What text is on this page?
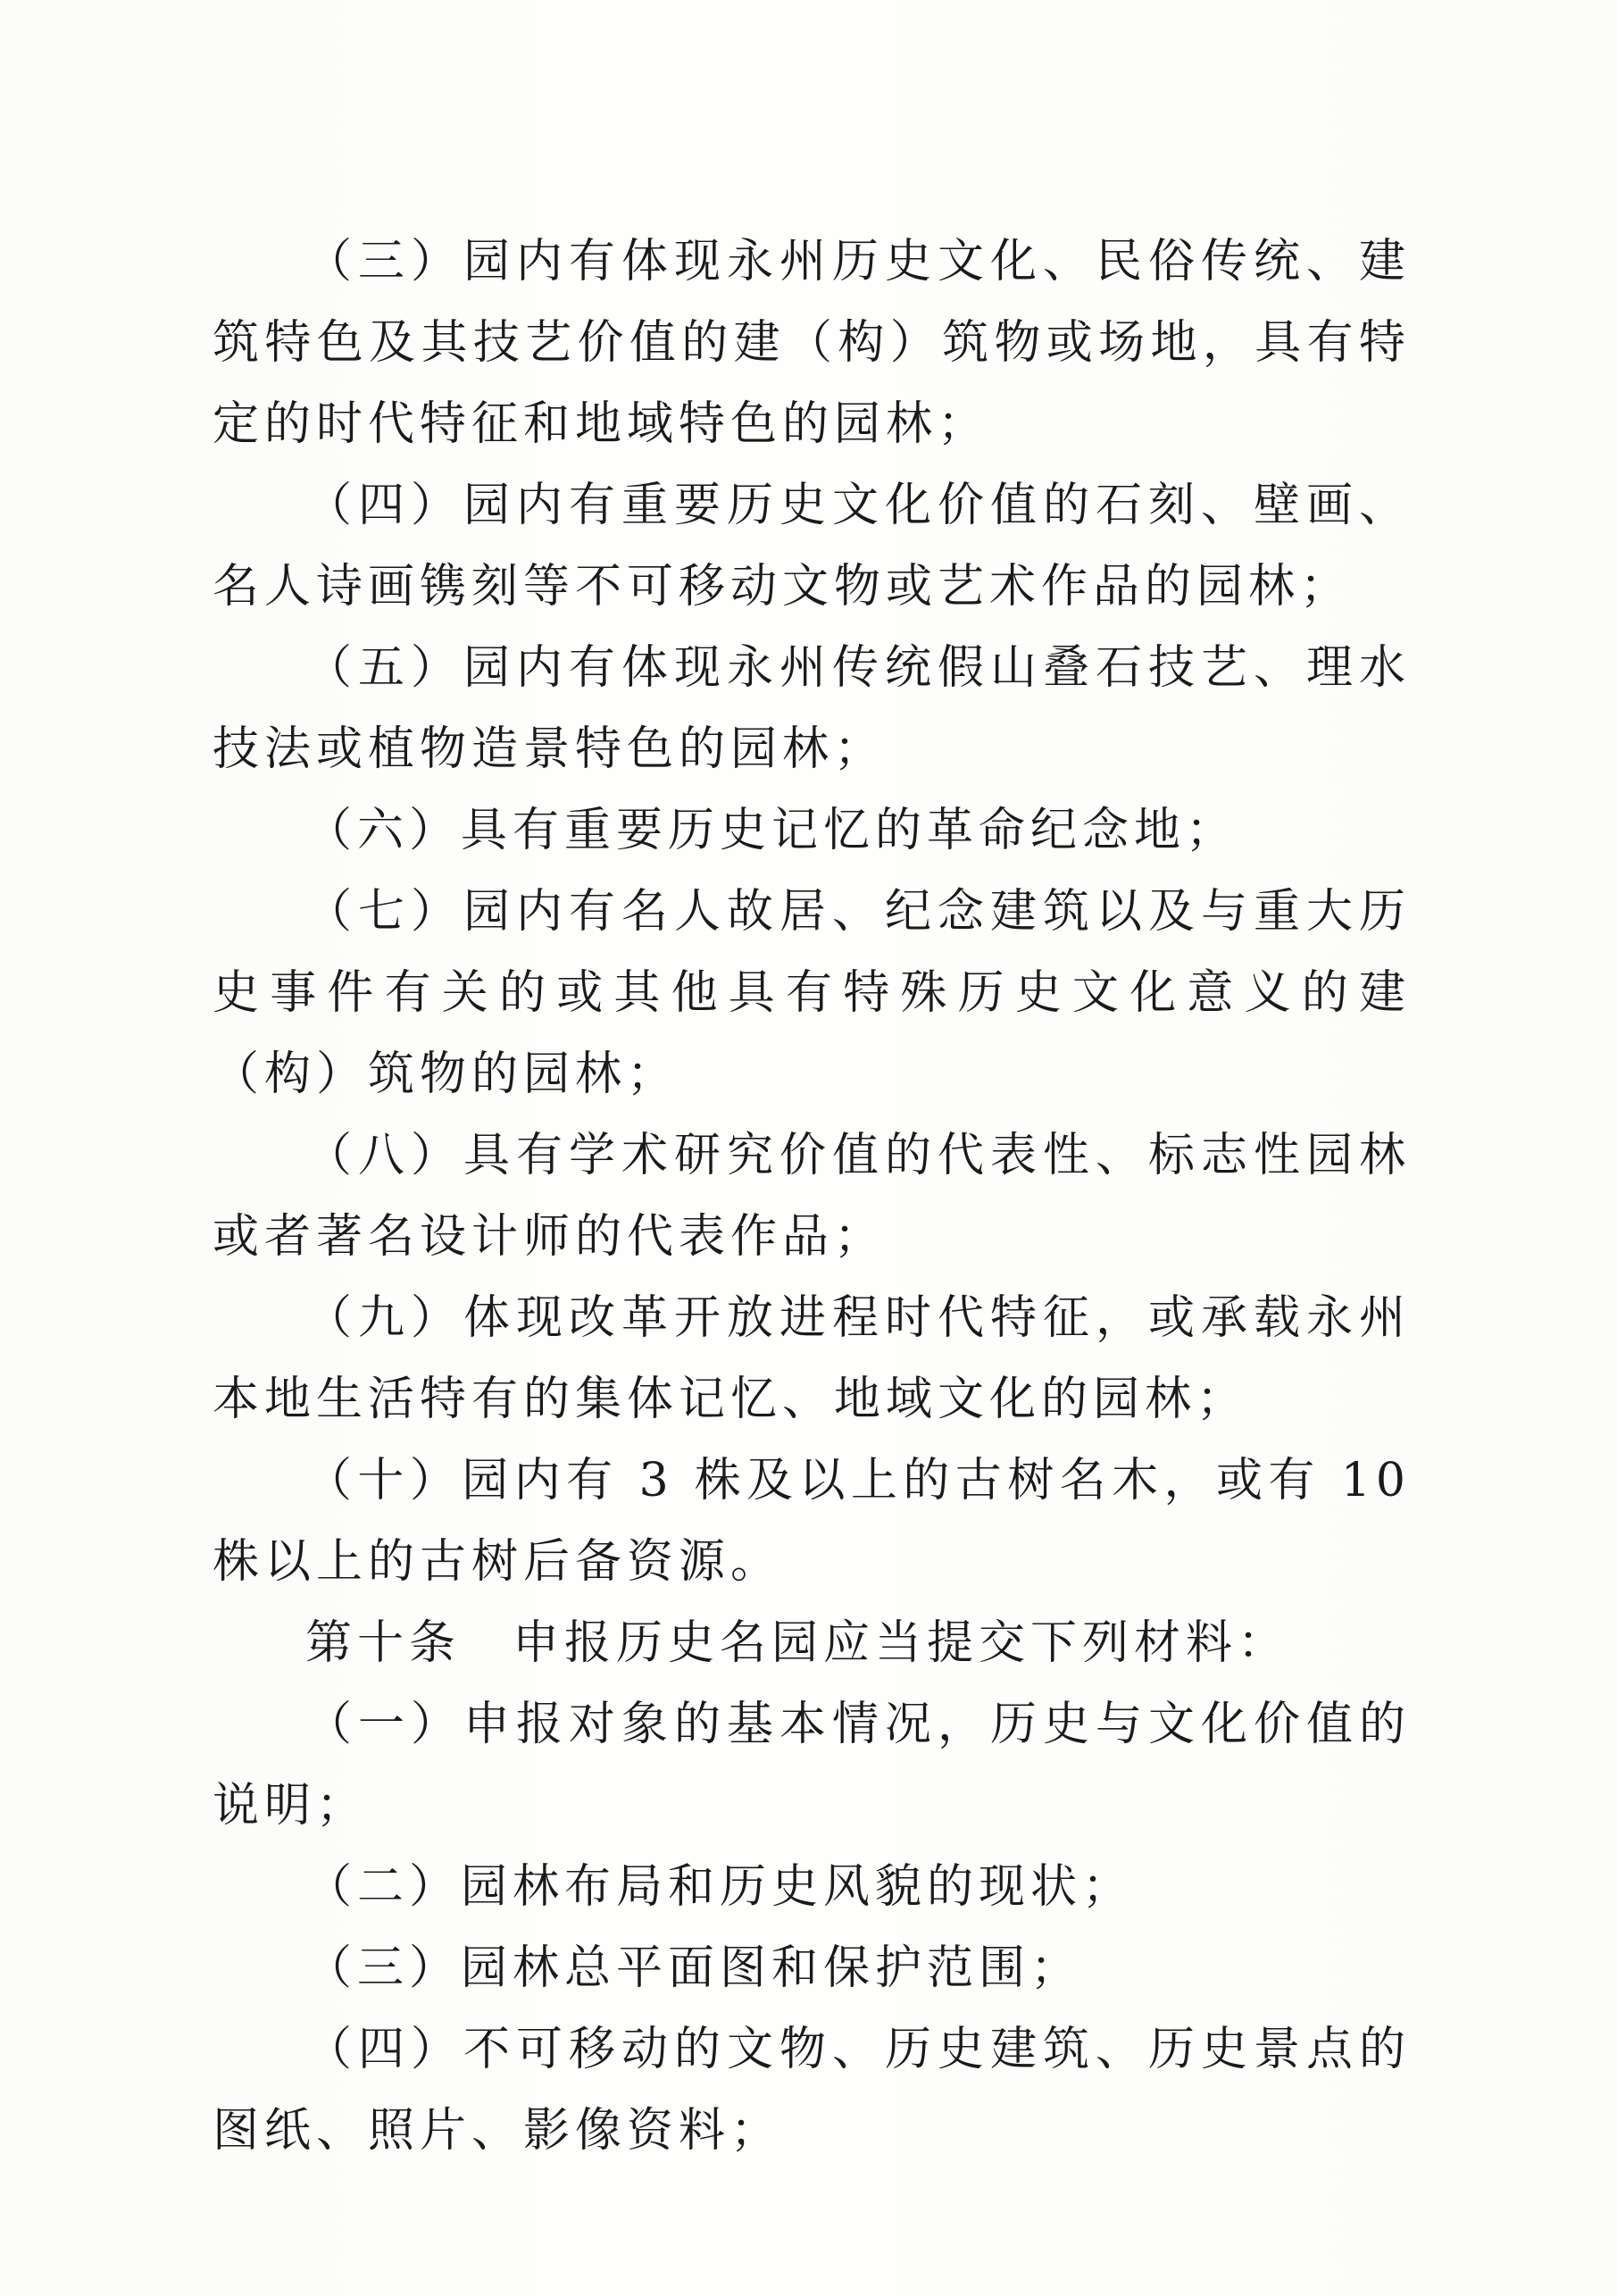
（三）园内有体现永州历史文化、民俗传统、建筑特色及其技艺价值的建（构）筑物或场地，具有特定的时代特征和地域特色的园林；

（四）园内有重要历史文化价值的石刻、壁画、名人诗画镌刻等不可移动文物或艺术作品的园林；

（五）园内有体现永州传统假山叠石技艺、理水技法或植物造景特色的园林；

（六）具有重要历史记忆的革命纪念地；

（七）园内有名人故居、纪念建筑以及与重大历史事件有关的或其他具有特殊历史文化意义的建（构）筑物的园林；

（八）具有学术研究价值的代表性、标志性园林或者著名设计师的代表作品；

（九）体现改革开放进程时代特征，或承载永州本地生活特有的集体记忆、地域文化的园林；

（十）园内有 3 株及以上的古树名木，或有 10 株以上的古树后备资源。

第十条　申报历史名园应当提交下列材料：

（一）申报对象的基本情况，历史与文化价值的说明；

（二）园林布局和历史风貌的现状；

（三）园林总平面图和保护范围；

（四）不可移动的文物、历史建筑、历史景点的图纸、照片、影像资料；
